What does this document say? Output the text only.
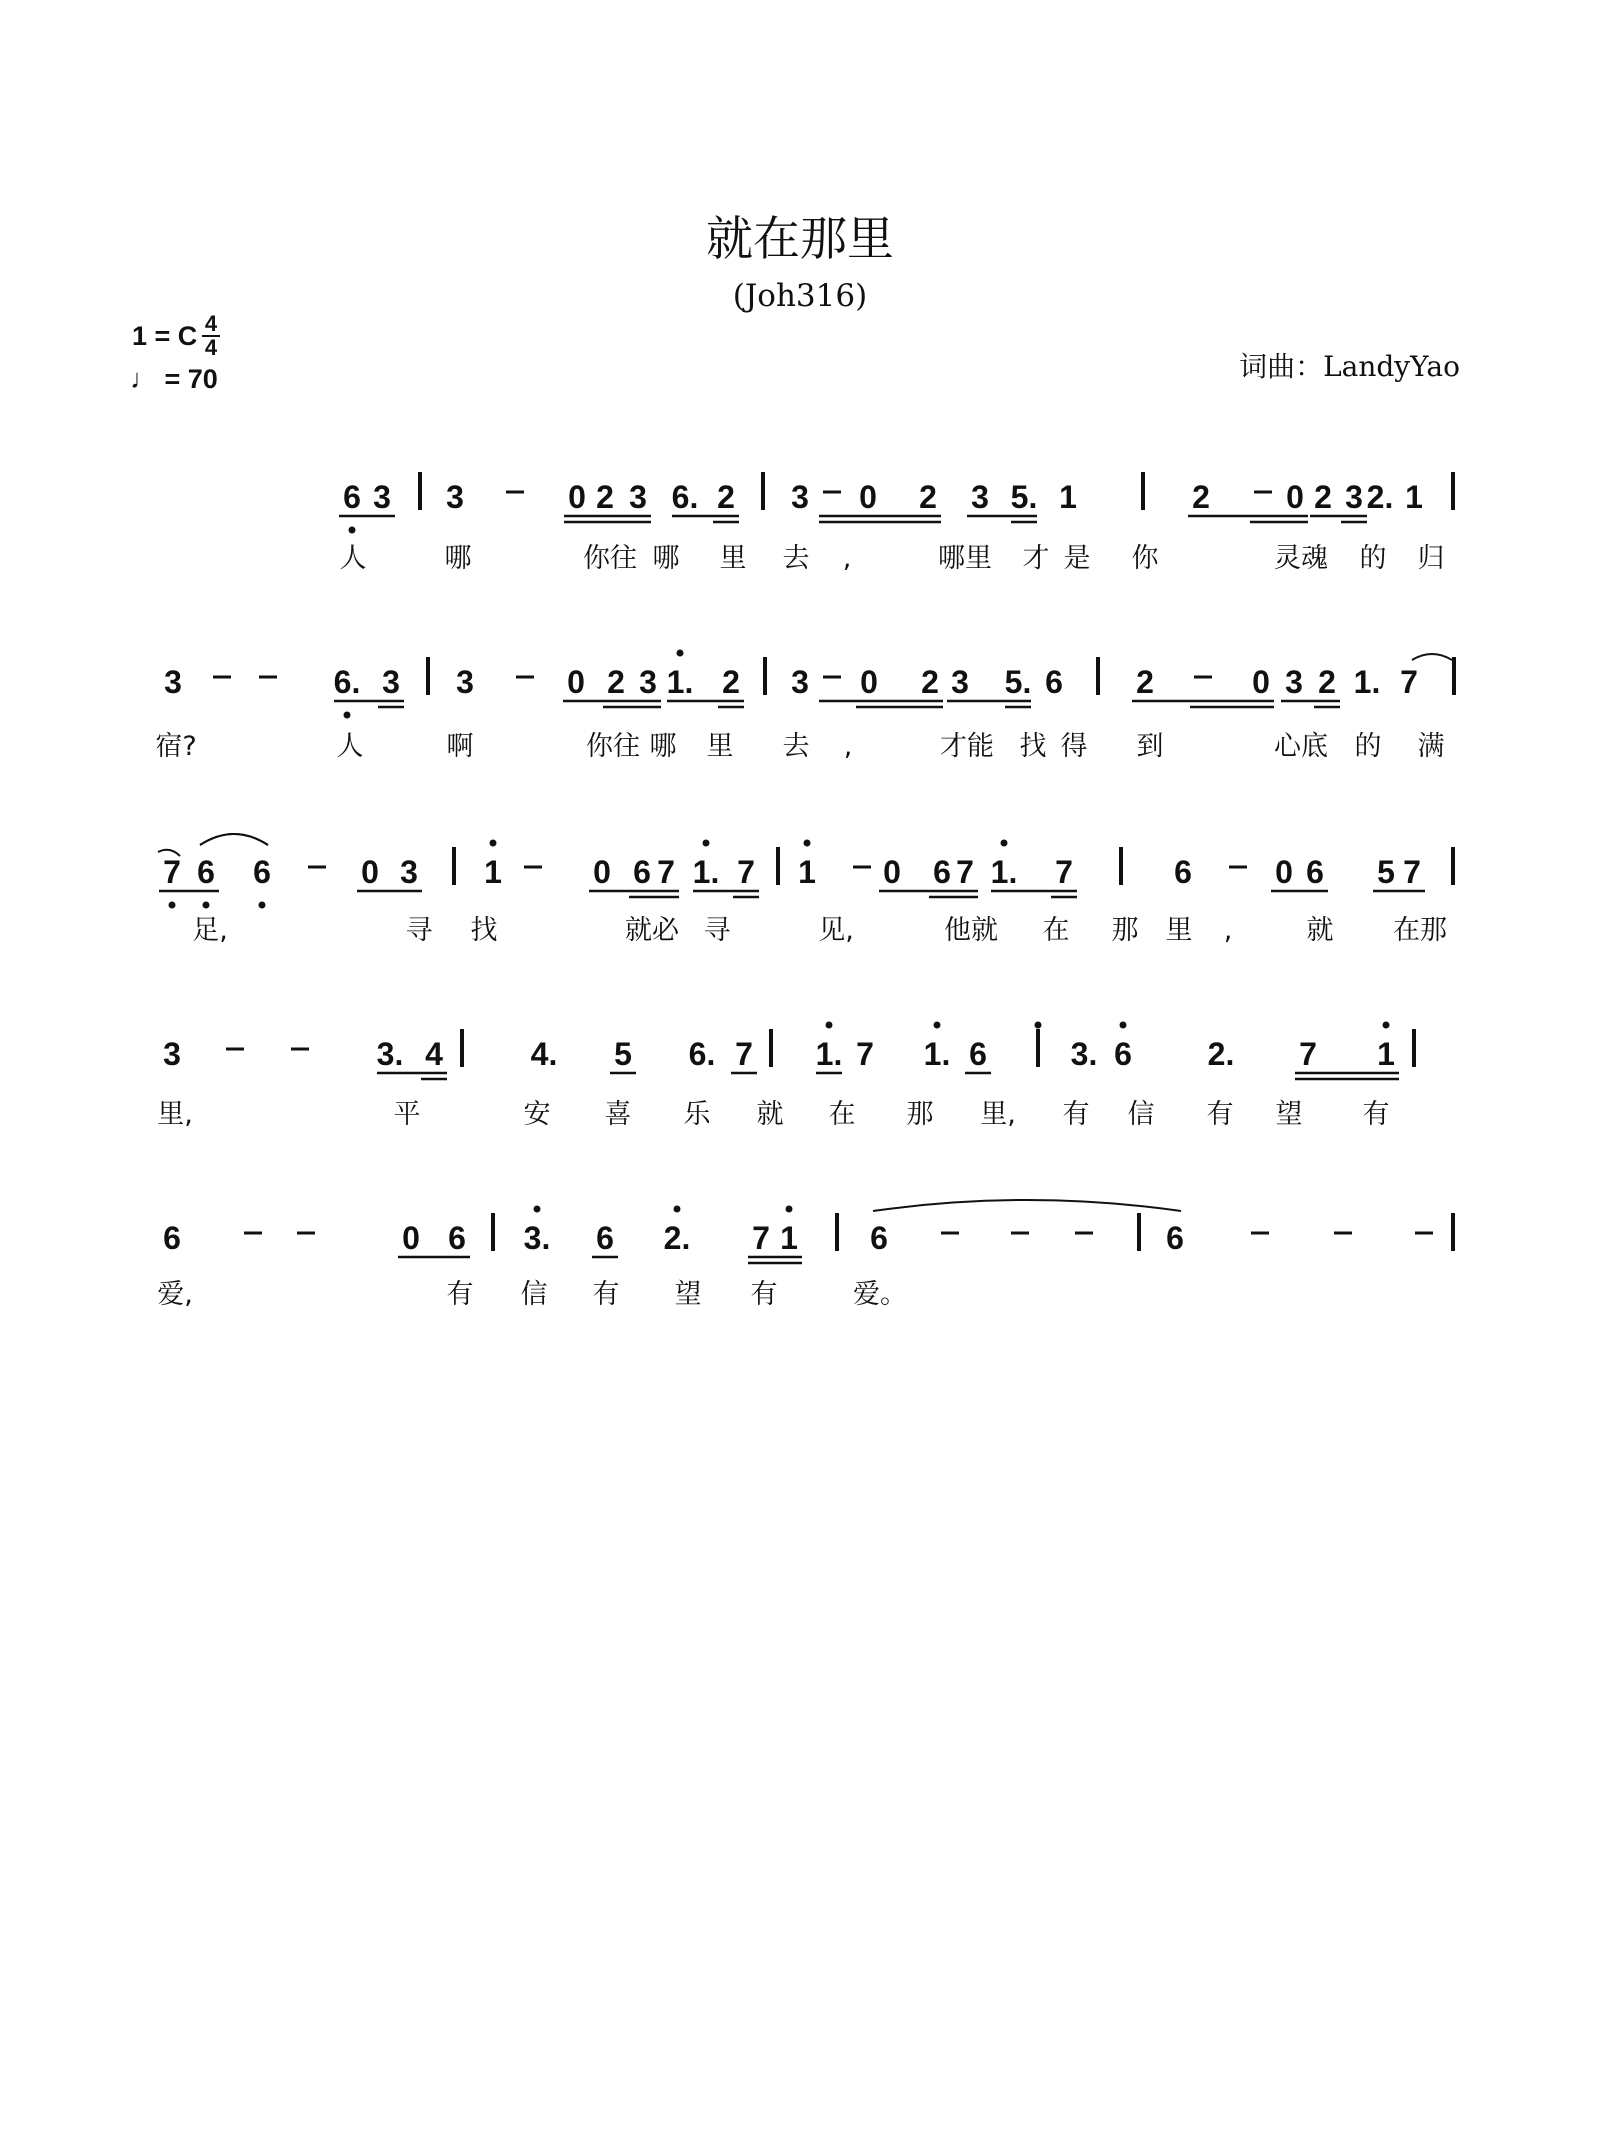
就在那里
(Joh316)
1 = C $\frac{4}{4}$
♩ = 70	词曲：LandyYao
6 3 3	0 2 3 6. 2 3 0 2 3 5. 1	2 0 2 3 2. 1
人	哪	你往 哪 里 去 ,	哪里 才 是 你	灵魂 的 归
3	6. 3 3	0 2 3 1. 2 3 0 2 3 5. 6 2	0 3 2 1. 7
宿?	人	啊	你往 哪 里 去 ,	才能 找 得 到	心底 的 满
7 6 6	0 3 1	0 6 7 1. 7 1 0 6 7 1. 7	6	0 6 5 7
足,	寻 找	就必 寻	见,	他就 在 那 里 ,	就 在那
3	3. 4	4. 5 6. 7 1. 7 1. 6	3. 6 2. 7 1
里,	平	安 喜 乐 就 在 那 里, 有 信 有 望 有
6	0 6 3. 6 2. 7 1 6	6
爱,	有 信 有 望 有	爱。
